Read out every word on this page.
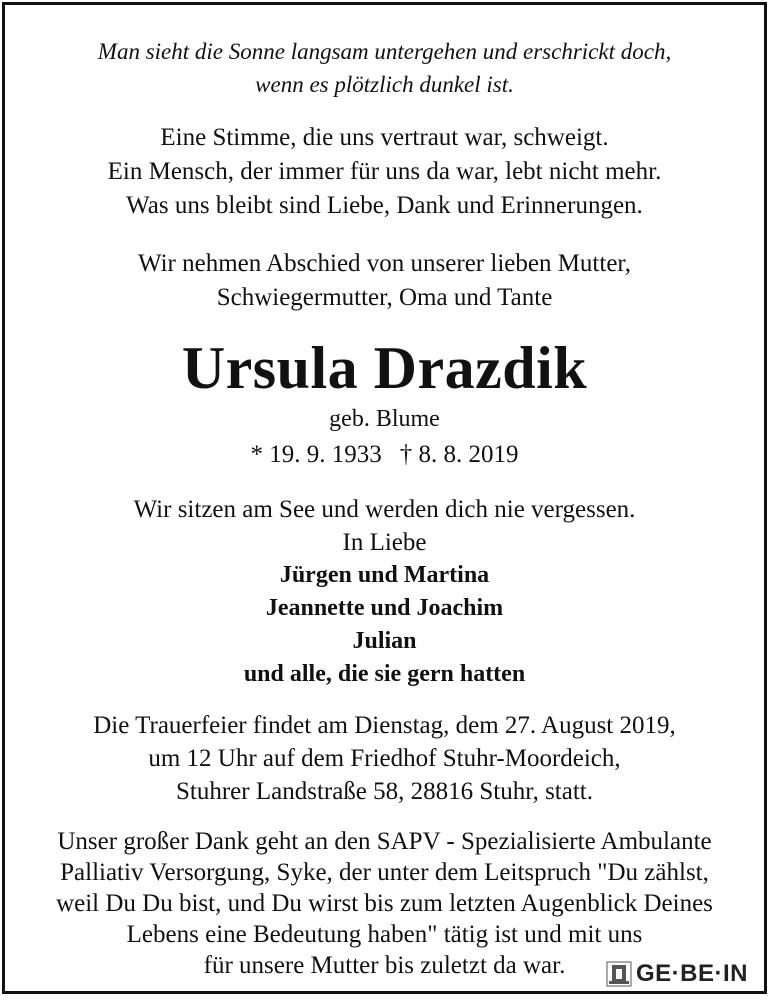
Man sieht die Sonne langsam untergehen und erschrickt doch,

wenn es plötzlich dunkel ist.

Eine Stimme, die uns vertraut war, schweigt.

Ein Mensch, der immer für uns da war, lebt nicht mehr.

Was uns bleibt sind Liebe, Dank und Erinnerungen.

Wir nehmen Abschied von unserer lieben Mutter,

Schwiegermutter, Oma und Tante

Ursula Drazdik
geb. Blume
* 19. 9. 1933 † 8. 8. 2019

Wir sitzen am See und werden dich nie vergessen.

In Liebe

Jürgen und Martina

Jeannette und Joachim

Julian

und alle, die sie gern hatten

Die Trauerfeier findet am Dienstag, dem 27. August 2019,

um 12 Uhr auf dem Friedhof Stuhr-Moordeich,

Stuhrer Landstraße 58, 28816 Stuhr, statt.

Unser großer Dank geht an den SAPV - Spezialisierte Ambulante

Palliativ Versorgung, Syke, der unter dem Leitspruch "Du zählst,

weil Du Du bist, und Du wirst bis zum letzten Augenblick Deines

Lebens eine Bedeutung haben" tätig ist und mit uns

für unsere Mutter bis zuletzt da war.	GE·BE·IN
